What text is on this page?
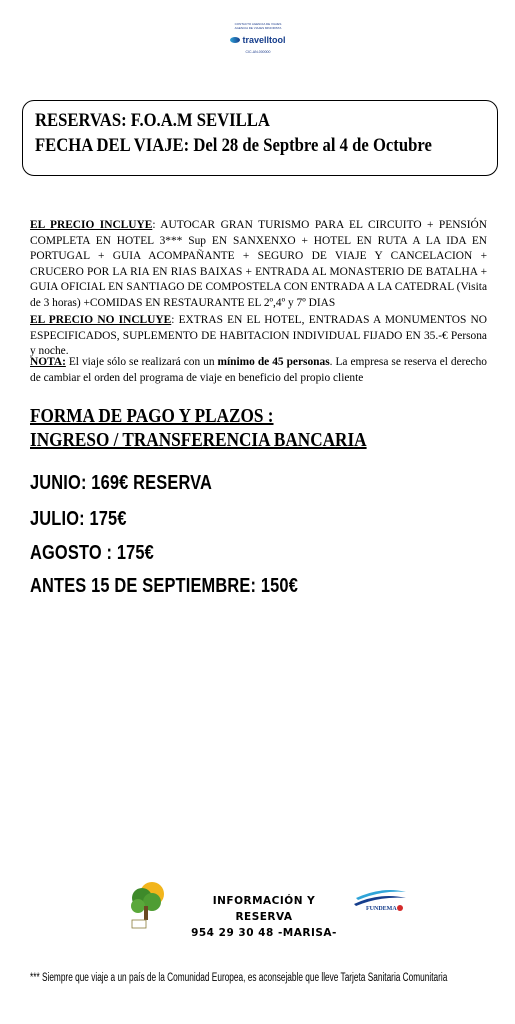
CONTACTO AGENCIA DE VIAJES
AGENCIA DE VIAJES MINORISTA
travelltool
CIC-AN-000000
RESERVAS: F.O.A.M SEVILLA
FECHA DEL VIAJE: Del 28 de Septbre al 4 de Octubre
EL PRECIO INCLUYE: AUTOCAR GRAN TURISMO PARA EL CIRCUITO + PENSIÓN COMPLETA EN HOTEL 3*** Sup EN SANXENXO + HOTEL EN RUTA A LA IDA EN PORTUGAL + GUIA ACOMPAÑANTE + SEGURO DE VIAJE Y CANCELACION + CRUCERO POR LA RIA EN RIAS BAIXAS + ENTRADA AL MONASTERIO DE BATALHA + GUIA OFICIAL EN SANTIAGO DE COMPOSTELA CON ENTRADA A LA CATEDRAL (Visita de 3 horas) +COMIDAS EN RESTAURANTE EL 2º,4º y 7º DIAS
EL PRECIO NO INCLUYE: EXTRAS EN EL HOTEL, ENTRADAS A MONUMENTOS NO ESPECIFICADOS, SUPLEMENTO DE HABITACION INDIVIDUAL FIJADO EN 35.-€ Persona y noche.
NOTA: El viaje sólo se realizará con un mínimo de 45 personas. La empresa se reserva el derecho de cambiar el orden del programa de viaje en beneficio del propio cliente
FORMA DE PAGO Y PLAZOS :
INGRESO / TRANSFERENCIA BANCARIA
JUNIO: 169€ RESERVA
JULIO: 175€
AGOSTO : 175€
ANTES 15 DE SEPTIEMBRE: 150€
INFORMACIÓN Y RESERVA
954 29 30 48 -MARISA-
FUNDEMA
*** Siempre que viaje a un país de la Comunidad Europea, es aconsejable que lleve Tarjeta Sanitaria Comunitaria
